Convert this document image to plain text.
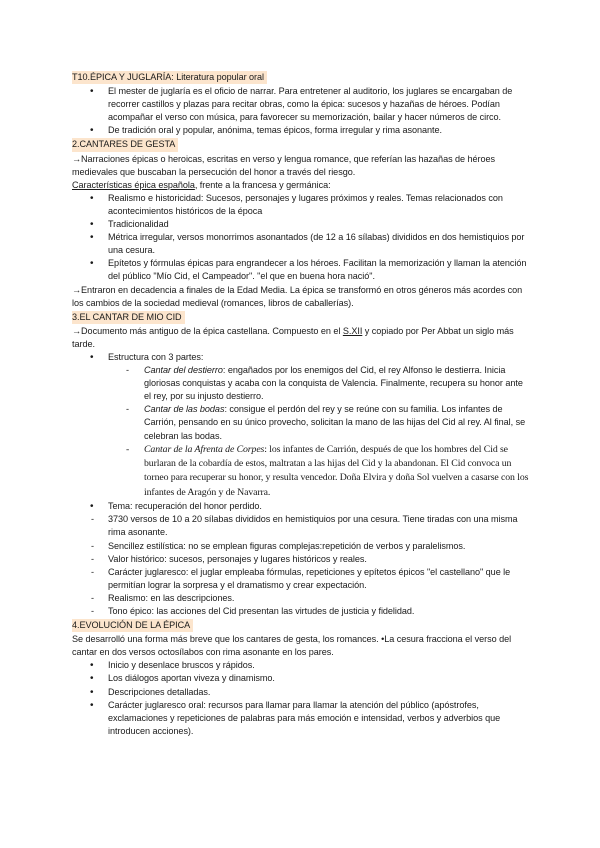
T10.ÉPICA Y JUGLARÍA: Literatura popular oral
• El mester de juglaría es el oficio de narrar. Para entretener al auditorio, los juglares se encargaban de recorrer castillos y plazas para recitar obras, como la épica: sucesos y hazañas de héroes. Podían acompañar el verso con música, para favorecer su memorización, bailar y hacer números de circo.
• De tradición oral y popular, anónima, temas épicos, forma irregular y rima asonante.
2.CANTARES DE GESTA

→Narraciones épicas o heroicas, escritas en verso y lengua romance, que referían las hazañas de héroes medievales que buscaban la persecución del honor a través del riesgo.

Características épica española, frente a la francesa y germánica:

• Realismo e historicidad: Sucesos, personajes y lugares próximos y reales. Temas relacionados con acontecimientos históricos de la época
• Tradicionalidad
• Métrica irregular, versos monorrimos asonantados (de 12 a 16 sílabas) divididos en dos hemistiquios por una cesura.
• Epítetos y fórmulas épicas para engrandecer a los héroes. Facilitan la memorización y llaman la atención del público "Mío Cid, el Campeador". "el que en buena hora nació".

→Entraron en decadencia a finales de la Edad Media. La épica se transformó en otros géneros más acordes con los cambios de la sociedad medieval (romances, libros de caballerías).

3.EL CANTAR DE MIO CID

→Documento más antiguo de la épica castellana. Compuesto en el S.XII y copiado por Per Abbat un siglo más tarde.

• Estructura con 3 partes:
- Cantar del destierro: engañados por los enemigos del Cid, el rey Alfonso le destierra. Inicia gloriosas conquistas y acaba con la conquista de Valencia. Finalmente, recupera su honor ante el rey, por su injusto destierro.
- Cantar de las bodas: consigue el perdón del rey y se reúne con su familia. Los infantes de Carrión, pensando en su único provecho, solicitan la mano de las hijas del Cid al rey. Al final, se celebran las bodas.
- Cantar de la Afrenta de Corpes: los infantes de Carrión, después de que los hombres del Cid se burlaran de la cobardía de estos, maltratan a las hijas del Cid y la abandonan. El Cid convoca un torneo para recuperar su honor, y resulta vencedor. Doña Elvira y doña Sol vuelven a casarse con los infantes de Aragón y de Navarra.
• Tema: recuperación del honor perdido.
- 3730 versos de 10 a 20 sílabas divididos en hemistiquios por una cesura. Tiene tiradas con una misma rima asonante.
- Sencillez estilística: no se emplean figuras complejas:repetición de verbos y paralelismos.
- Valor histórico: sucesos, personajes y lugares históricos y reales.
- Carácter juglaresco: el juglar empleaba fórmulas, repeticiones y epítetos épicos "el castellano" que le permitían lograr la sorpresa y el dramatismo y crear expectación.
- Realismo: en las descripciones.
- Tono épico: las acciones del Cid presentan las virtudes de justicia y fidelidad.
4.EVOLUCIÓN DE LA ÉPICA

Se desarrolló una forma más breve que los cantares de gesta, los romances. •La cesura fracciona el verso del cantar en dos versos octosílabos con rima asonante en los pares.

• Inicio y desenlace bruscos y rápidos.
• Los diálogos aportan viveza y dinamismo.
• Descripciones detalladas.
• Carácter juglaresco oral: recursos para llamar para llamar la atención del público (apóstrofes, exclamaciones y repeticiones de palabras para más emoción e intensidad, verbos y adverbios que introducen acciones).
